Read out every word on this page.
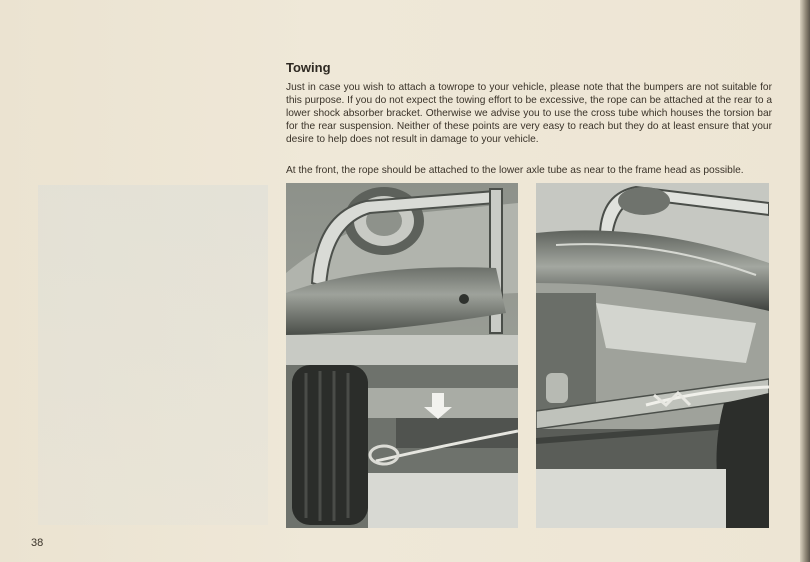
Towing

Just in case you wish to attach a towrope to your vehicle, please note that the bumpers are not suitable for this purpose. If you do not expect the towing effort to be excessive, the rope can be attached at the rear to a lower shock absorber bracket. Otherwise we advise you to use the cross tube which houses the torsion bar for the rear suspension. Neither of these points are very easy to reach but they do at least ensure that your desire to help does not result in damage to your vehicle.

At the front, the rope should be attached to the lower axle tube as near to the frame head as possible.

38
